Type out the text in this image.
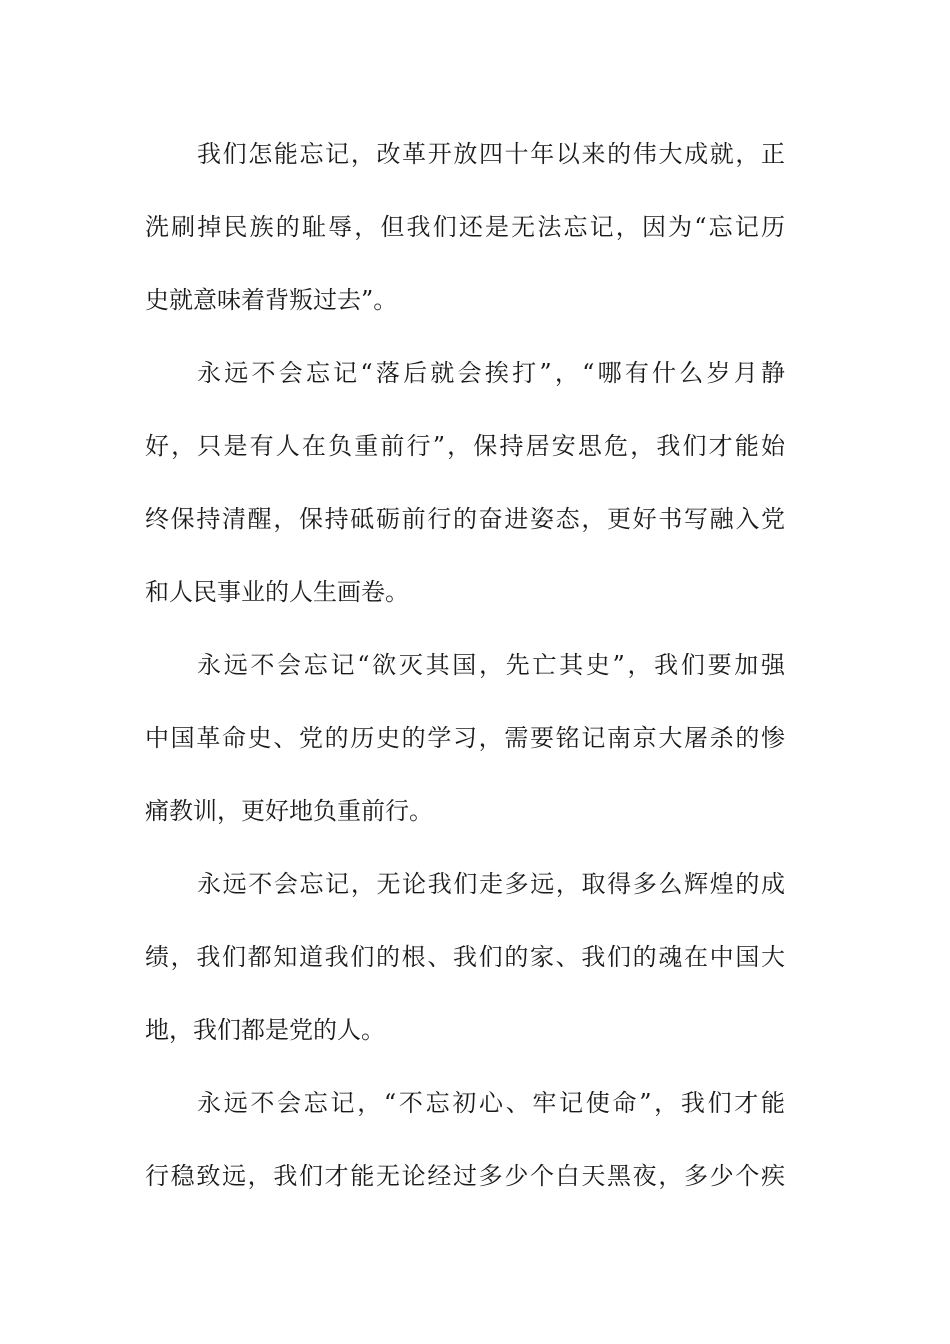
我们怎能忘记，改革开放四十年以来的伟大成就，正
洗刷掉民族的耻辱，但我们还是无法忘记，因为“忘记历
史就意味着背叛过去”。
永远不会忘记“落后就会挨打”，“哪有什么岁月静
好，只是有人在负重前行”，保持居安思危，我们才能始
终保持清醒，保持砥砺前行的奋进姿态，更好书写融入党
和人民事业的人生画卷。
永远不会忘记“欲灭其国，先亡其史”，我们要加强
中国革命史、党的历史的学习，需要铭记南京大屠杀的惨
痛教训，更好地负重前行。
永远不会忘记，无论我们走多远，取得多么辉煌的成
绩，我们都知道我们的根、我们的家、我们的魂在中国大
地，我们都是党的人。
永远不会忘记，“不忘初心、牢记使命”，我们才能
行稳致远，我们才能无论经过多少个白天黑夜，多少个疾
